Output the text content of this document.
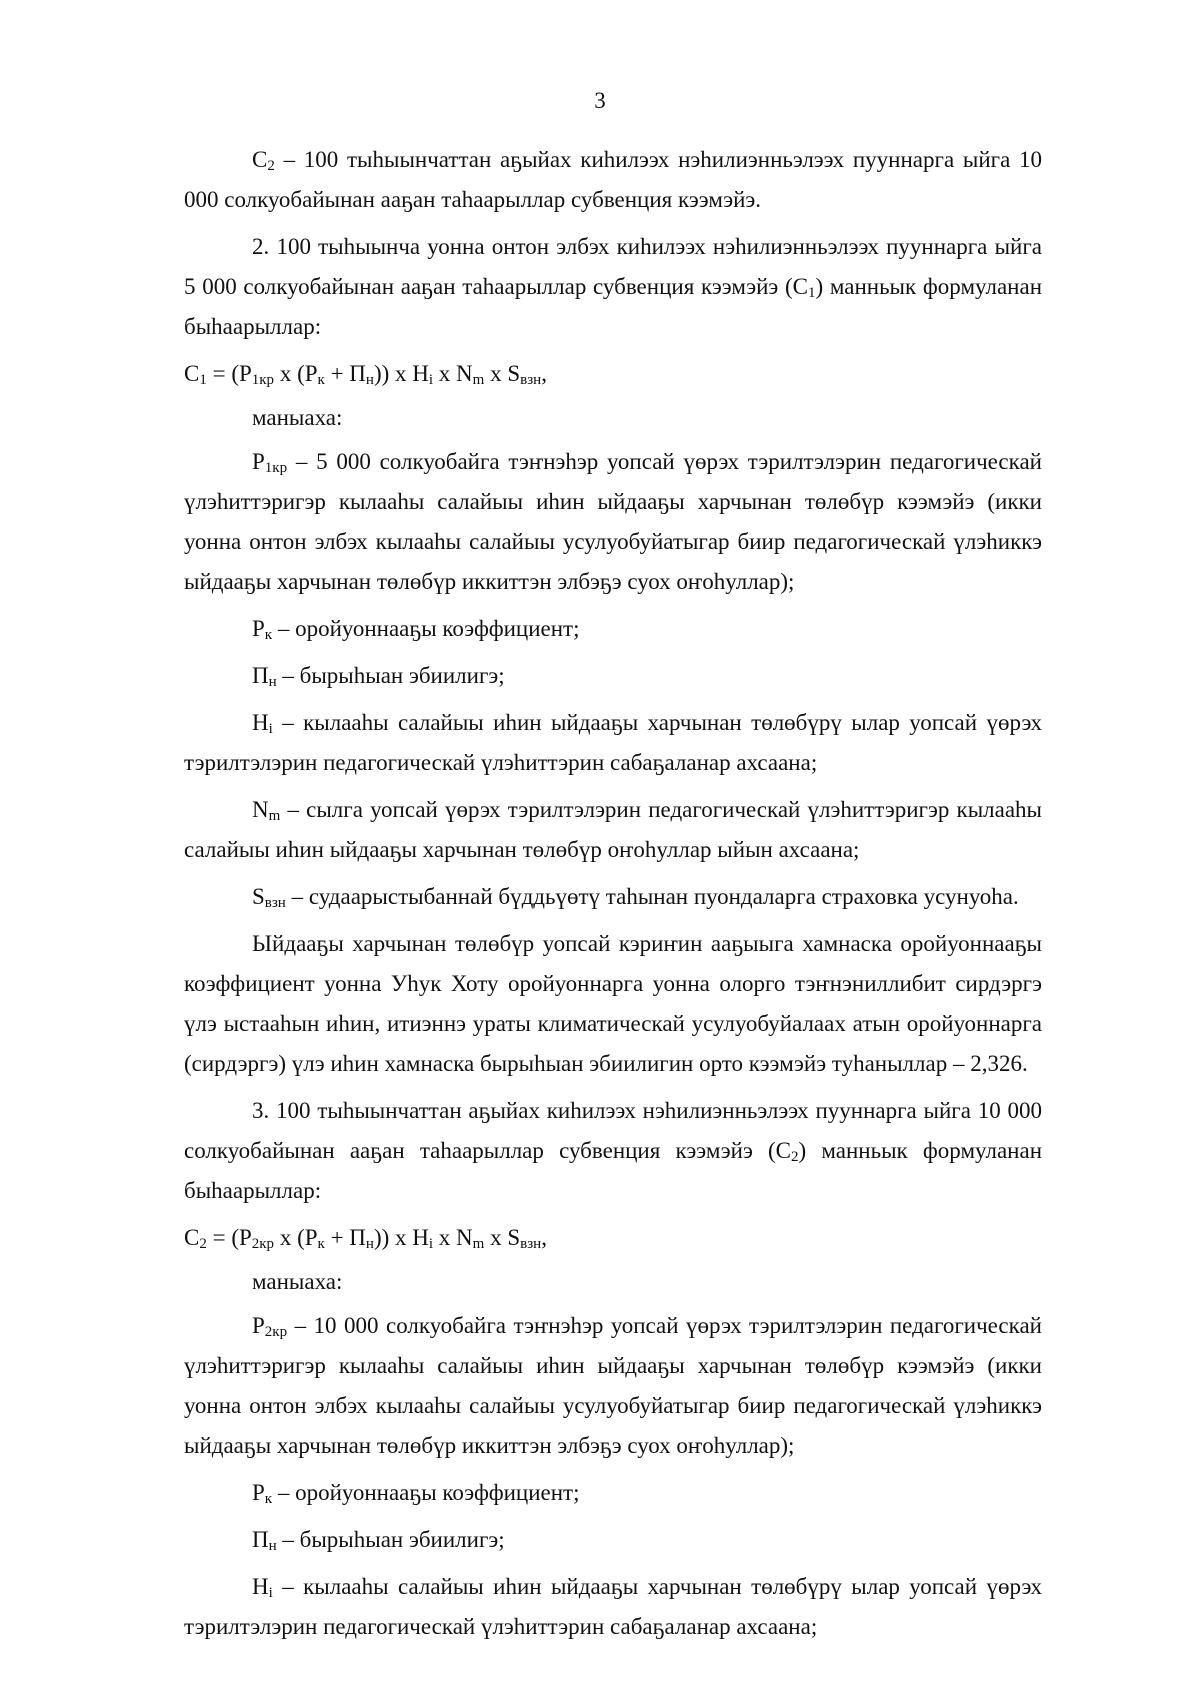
3

$С_2 - 100$ тыһыынчаттан аҕыйах киһилээх нэһилиэнньэлээх пууннарга ыйга 10 000 солкуобайынан ааҕан таһаарыллар субвенция кээмэйэ.

2. 100 тыһыынча уонна онтон элбэх киһилээх нэһилиэнньэлээх пууннарга ыйга 5 000 солкуобайынан ааҕан таһаарыллар субвенция кээмэйэ $(С_1)$ манньык формуланан быһаарыллар:

$С_1 = (Р_{1кр}$ х $(Р_к + П_н)$) х $Н_i$ х $N_m$ х $S_{взн}$,

маныаха:

$Р_{1кр} - 5$ 000 солкуобайга тэҥнэһэр уопсай үөрэх тэрилтэлэрин педагогическай үлэһиттэригэр кылааһы салайыы иһин ыйдааҕы харчынан төлөбүр кээмэйэ (икки уонна онтон элбэх кылааһы салайыы усулуобуйатыгар биир педагогическай үлэһиккэ ыйдааҕы харчынан төлөбүр иккиттэн элбэҕэ суох оҥоһуллар);

$Р_к$ – оройуоннааҕы коэффициент;

$П_н$ – бырыһыан эбиилигэ;

$Н_i$ – кылааһы салайыы иһин ыйдааҕы харчынан төлөбүрү ылар уопсай үөрэх тэрилтэлэрин педагогическай үлэһиттэрин сабаҕаланар ахсаана;

$N_m$ – сылга уопсай үөрэх тэрилтэлэрин педагогическай үлэһиттэригэр кылааһы салайыы иһин ыйдааҕы харчынан төлөбүр оҥоһуллар ыйын ахсаана;

$S_{взн}$ – судаарыстыбаннай бүддьүөтү таһынан пуондаларга страховка усунуоһа.

Ыйдааҕы харчынан төлөбүр уопсай кэриҥин ааҕыыга хамнаска оройуоннааҕы коэффициент уонна Уһук Хоту оройуоннарга уонна олорго тэҥнэниллибит сирдэргэ үлэ ыстааһын иһин, итиэннэ ураты климатическай усулуобуйалаах атын оройуоннарга (сирдэргэ) үлэ иһин хамнаска бырыһыан эбиилигин орто кээмэйэ туһаныллар – 2,326.

3. 100 тыһыынчаттан аҕыйах киһилээх нэһилиэнньэлээх пууннарга ыйга 10 000 солкуобайынан ааҕан таһаарыллар субвенция кээмэйэ $(С_2)$ манньык формуланан быһаарыллар:

$С_2 = (Р_{2кр}$ х $(Р_к + П_н)$) х $Н_i$ х $N_m$ х $S_{взн}$,

маныаха:

$Р_{2кр} - 10$ 000 солкуобайга тэҥнэһэр уопсай үөрэх тэрилтэлэрин педагогическай үлэһиттэригэр кылааһы салайыы иһин ыйдааҕы харчынан төлөбүр кээмэйэ (икки уонна онтон элбэх кылааһы салайыы усулуобуйатыгар биир педагогическай үлэһиккэ ыйдааҕы харчынан төлөбүр иккиттэн элбэҕэ суох оҥоһуллар);

$Р_к$ – оройуоннааҕы коэффициент;

$П_н$ – бырыһыан эбиилигэ;

$Н_i$ – кылааһы салайыы иһин ыйдааҕы харчынан төлөбүрү ылар уопсай үөрэх тэрилтэлэрин педагогическай үлэһиттэрин сабаҕаланар ахсаана;
